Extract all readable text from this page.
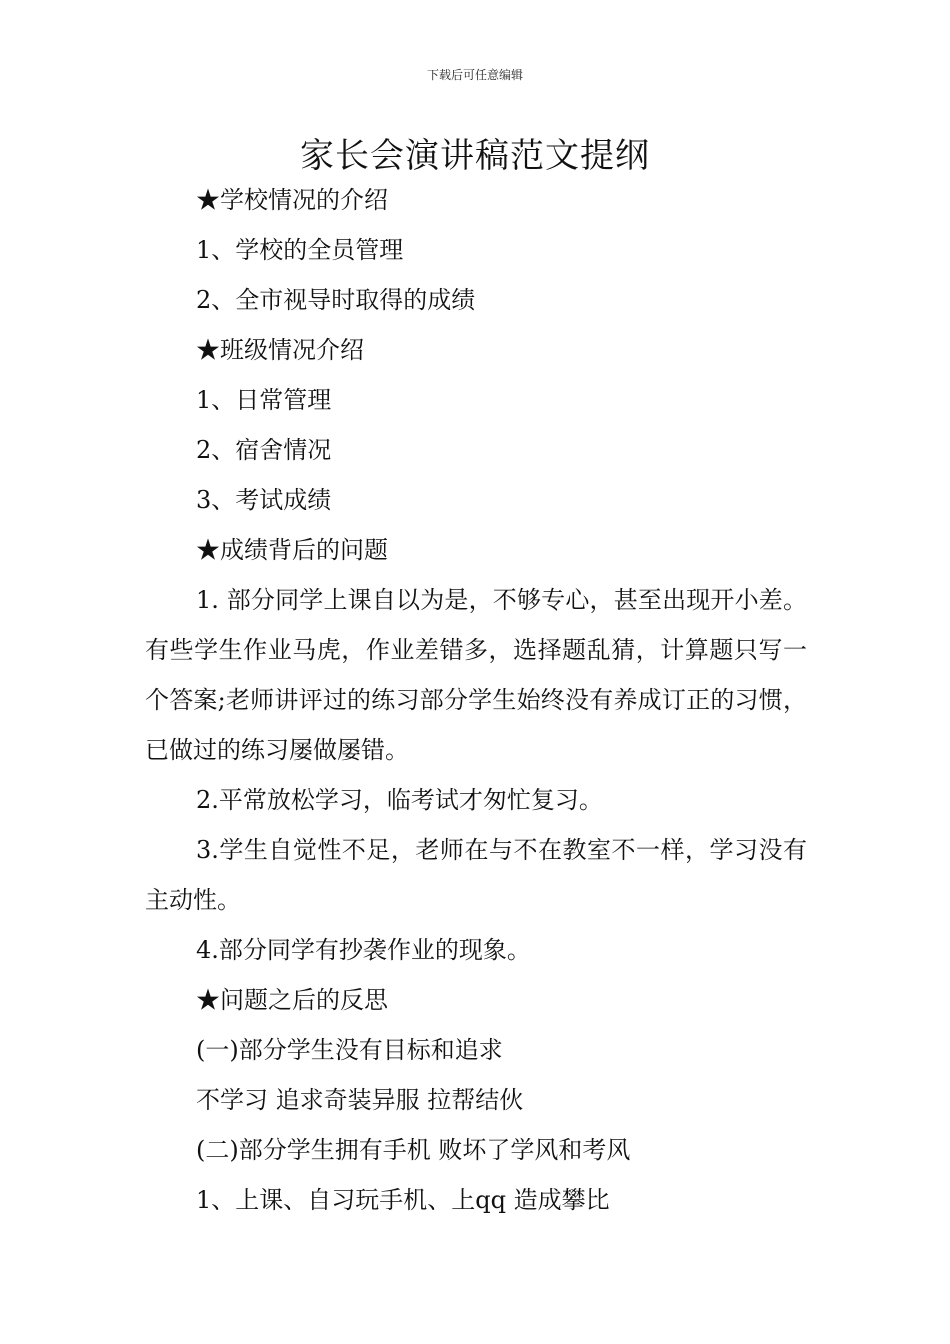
下载后可任意编辑
家长会演讲稿范文提纲

★学校情况的介绍

1、学校的全员管理

2、全市视导时取得的成绩

★班级情况介绍

1、日常管理

2、宿舍情况

3、考试成绩

★成绩背后的问题

1. 部分同学上课自以为是，不够专心，甚至出现开小差。有些学生作业马虎，作业差错多，选择题乱猜，计算题只写一个答案;老师讲评过的练习部分学生始终没有养成订正的习惯，已做过的练习屡做屡错。

2.平常放松学习，临考试才匆忙复习。

3.学生自觉性不足，老师在与不在教室不一样，学习没有主动性。

4.部分同学有抄袭作业的现象。

★问题之后的反思

(一)部分学生没有目标和追求

不学习 追求奇装异服 拉帮结伙

(二)部分学生拥有手机 败坏了学风和考风

1、上课、自习玩手机、上qq 造成攀比
